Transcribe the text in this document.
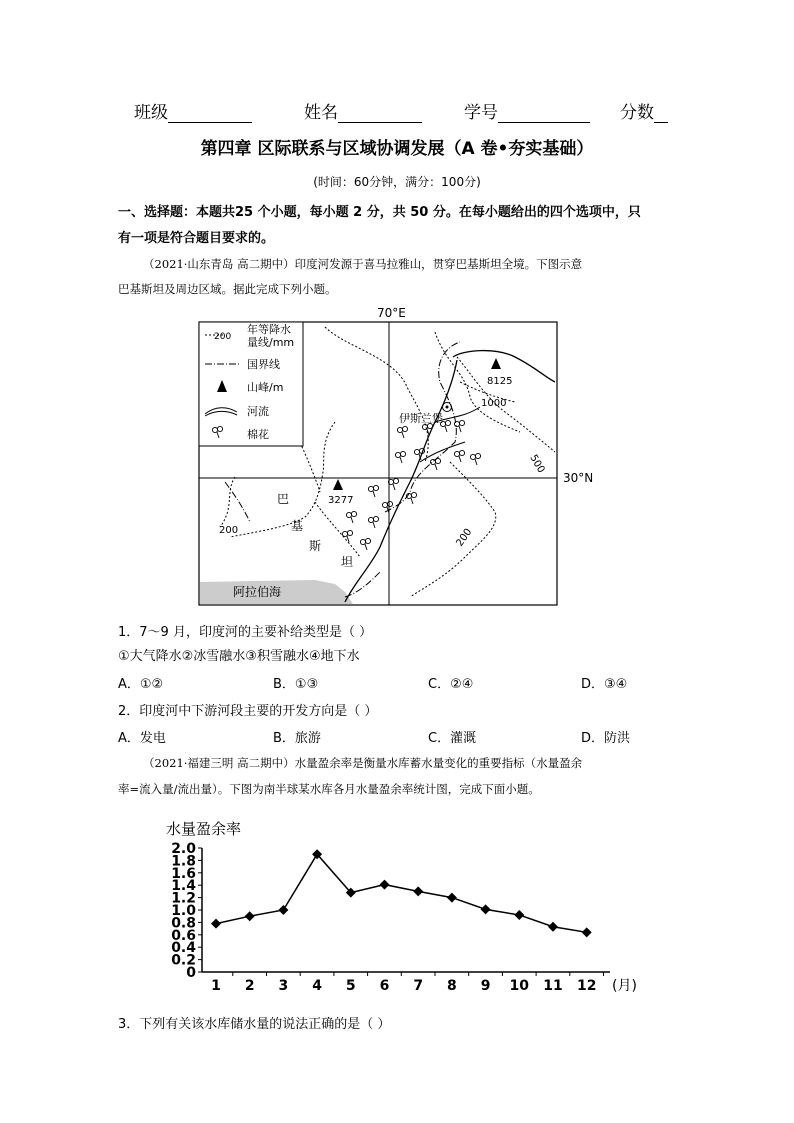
班级	姓名	学号	分数
第四章 区际联系与区域协调发展（A 卷•夯实基础）
(时间：60分钟，满分：100分)
一、选择题：本题共25 个小题，每小题 2 分，共 50 分。在每小题给出的四个选项中，只
有一项是符合题目要求的。
（2021·山东青岛 高二期中）印度河发源于喜马拉雅山，贯穿巴基斯坦全境。下图示意
巴基斯坦及周边区域。据此完成下列小题。
70°E
阿拉伯海
30°N
8125
3277
1000
500
200	200
伊斯兰堡
巴
基
斯
坦
200
年等降水
量线/mm
国界线
山峰/m
河流
棉花
1．7～9 月，印度河的主要补给类型是（ ）
①大气降水②冰雪融水③积雪融水④地下水
A．①②	B．①③	C．②④	D．③④
2．印度河中下游河段主要的开发方向是（ ）
A．发电	B．旅游	C．灌溉	D．防洪
（2021·福建三明 高二期中）水量盈余率是衡量水库蓄水量变化的重要指标（水量盈余
率=流入量/流出量）。下图为南半球某水库各月水量盈余率统计图，完成下面小题。
水量盈余率
0
0.2
0.4
0.6
0.8
1.0
1.2
1.4
1.6
1.8
2.0
1 2 3 4 5 6 7 8 9 10 11 12 (月)
3．下列有关该水库储水量的说法正确的是（ ）
